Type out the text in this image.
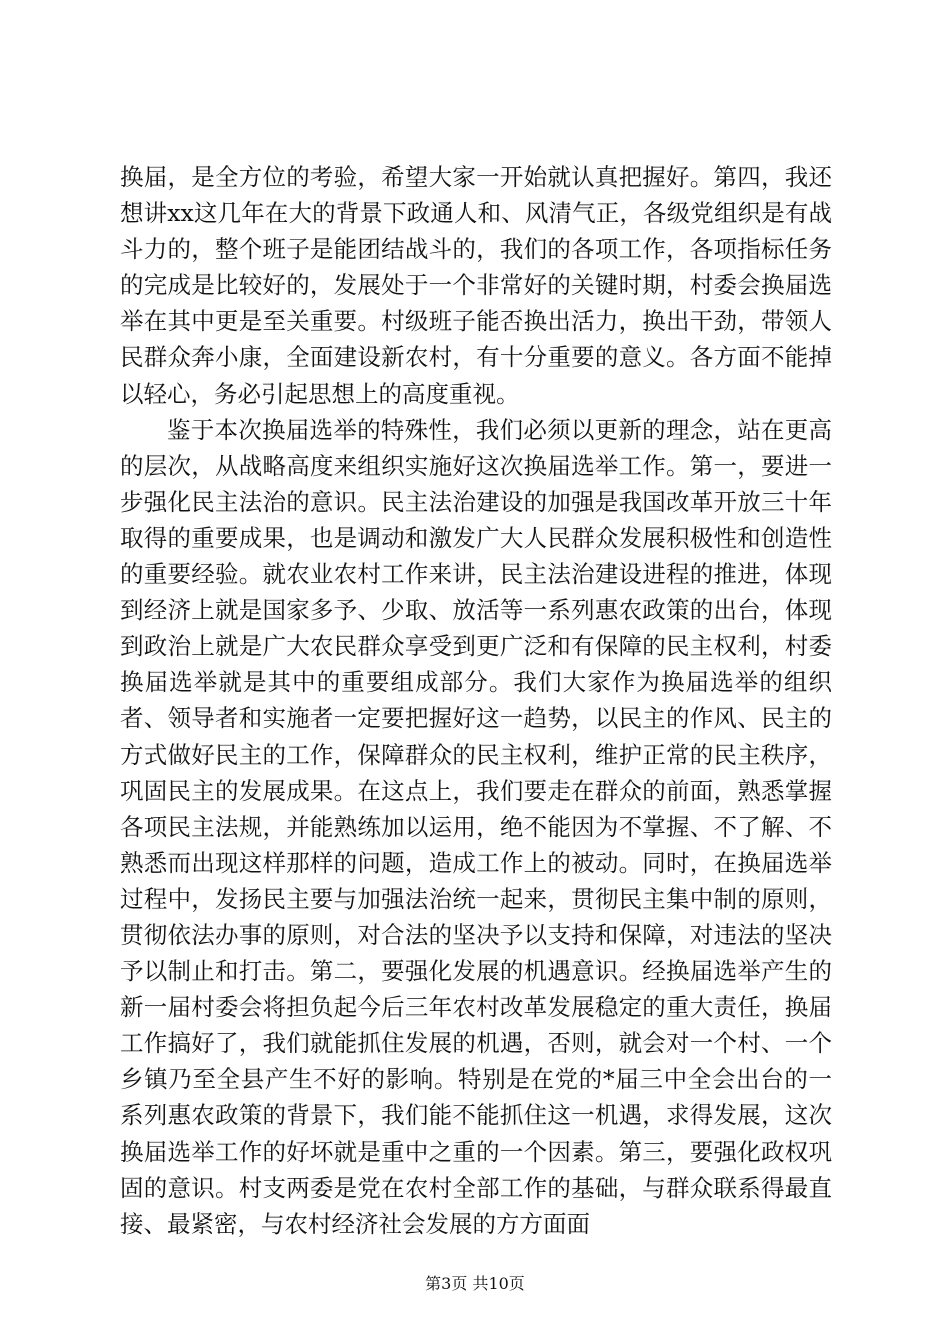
换届，是全方位的考验，希望大家一开始就认真把握好。第四，我还想讲xx这几年在大的背景下政通人和、风清气正，各级党组织是有战斗力的，整个班子是能团结战斗的，我们的各项工作，各项指标任务的完成是比较好的，发展处于一个非常好的关键时期，村委会换届选举在其中更是至关重要。村级班子能否换出活力，换出干劲，带领人民群众奔小康，全面建设新农村，有十分重要的意义。各方面不能掉以轻心，务必引起思想上的高度重视。

鉴于本次换届选举的特殊性，我们必须以更新的理念，站在更高的层次，从战略高度来组织实施好这次换届选举工作。第一，要进一步强化民主法治的意识。民主法治建设的加强是我国改革开放三十年取得的重要成果，也是调动和激发广大人民群众发展积极性和创造性的重要经验。就农业农村工作来讲，民主法治建设进程的推进，体现到经济上就是国家多予、少取、放活等一系列惠农政策的出台，体现到政治上就是广大农民群众享受到更广泛和有保障的民主权利，村委换届选举就是其中的重要组成部分。我们大家作为换届选举的组织者、领导者和实施者一定要把握好这一趋势，以民主的作风、民主的方式做好民主的工作，保障群众的民主权利，维护正常的民主秩序，巩固民主的发展成果。在这点上，我们要走在群众的前面，熟悉掌握各项民主法规，并能熟练加以运用，绝不能因为不掌握、不了解、不熟悉而出现这样那样的问题，造成工作上的被动。同时，在换届选举过程中，发扬民主要与加强法治统一起来，贯彻民主集中制的原则，贯彻依法办事的原则，对合法的坚决予以支持和保障，对违法的坚决予以制止和打击。第二，要强化发展的机遇意识。经换届选举产生的新一届村委会将担负起今后三年农村改革发展稳定的重大责任，换届工作搞好了，我们就能抓住发展的机遇，否则，就会对一个村、一个乡镇乃至全县产生不好的影响。特别是在党的*届三中全会出台的一系列惠农政策的背景下，我们能不能抓住这一机遇，求得发展，这次换届选举工作的好坏就是重中之重的一个因素。第三，要强化政权巩固的意识。村支两委是党在农村全部工作的基础，与群众联系得最直接、最紧密，与农村经济社会发展的方方面面

第3页 共10页
